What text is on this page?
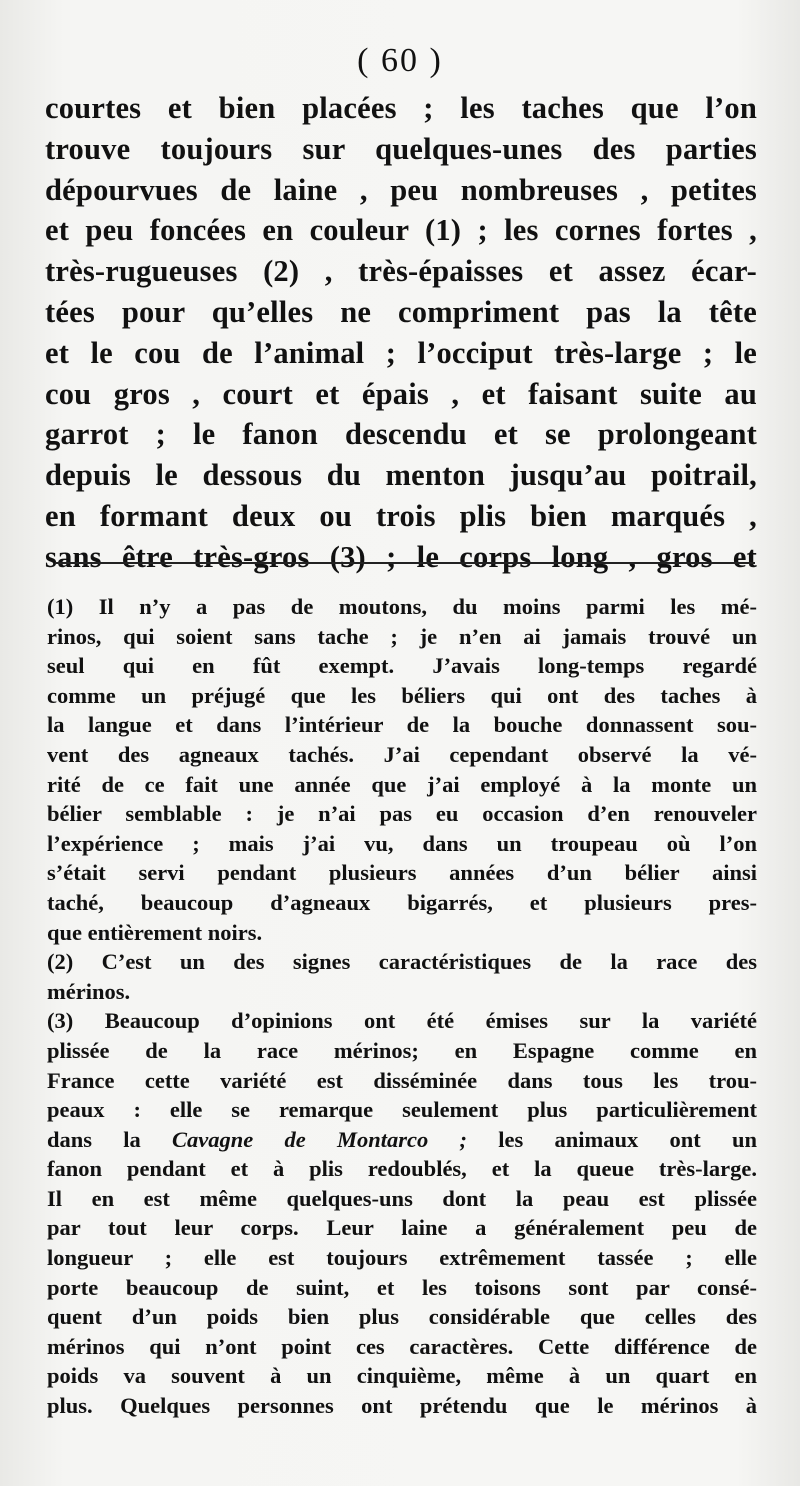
( 60 )
courtes et bien placées ; les taches que l’on
trouve toujours sur quelques-unes des parties
dépourvues de laine , peu nombreuses , petites
et peu foncées en couleur (1) ; les cornes fortes ,
très-rugueuses (2) , très-épaisses et assez écar-
tées pour qu’elles ne compriment pas la tête
et le cou de l’animal ; l’occiput très-large ; le
cou gros , court et épais , et faisant suite au
garrot ; le fanon descendu et se prolongeant
depuis le dessous du menton jusqu’au poitrail,
en formant deux ou trois plis bien marqués ,
sans être très-gros (3) ; le corps long , gros et
(1) Il n’y a pas de moutons, du moins parmi les mé-
rinos, qui soient sans tache ; je n’en ai jamais trouvé un
seul qui en fût exempt. J’avais long-temps regardé
comme un préjugé que les béliers qui ont des taches à
la langue et dans l’intérieur de la bouche donnassent sou-
vent des agneaux tachés. J’ai cependant observé la vé-
rité de ce fait une année que j’ai employé à la monte un
bélier semblable : je n’ai pas eu occasion d’en renouveler
l’expérience ; mais j’ai vu, dans un troupeau où l’on
s’était servi pendant plusieurs années d’un bélier ainsi
taché, beaucoup d’agneaux bigarrés, et plusieurs pres-
que entièrement noirs.
(2) C’est un des signes caractéristiques de la race des
mérinos.
(3) Beaucoup d’opinions ont été émises sur la variété
plissée de la race mérinos; en Espagne comme en
France cette variété est disséminée dans tous les trou-
peaux : elle se remarque seulement plus particulièrement
dans la Cavagne de Montarco ; les animaux ont un
fanon pendant et à plis redoublés, et la queue très-large.
Il en est même quelques-uns dont la peau est plissée
par tout leur corps. Leur laine a généralement peu de
longueur ; elle est toujours extrêmement tassée ; elle
porte beaucoup de suint, et les toisons sont par consé-
quent d’un poids bien plus considérable que celles des
mérinos qui n’ont point ces caractères. Cette différence de
poids va souvent à un cinquième, même à un quart en
plus. Quelques personnes ont prétendu que le mérinos à
